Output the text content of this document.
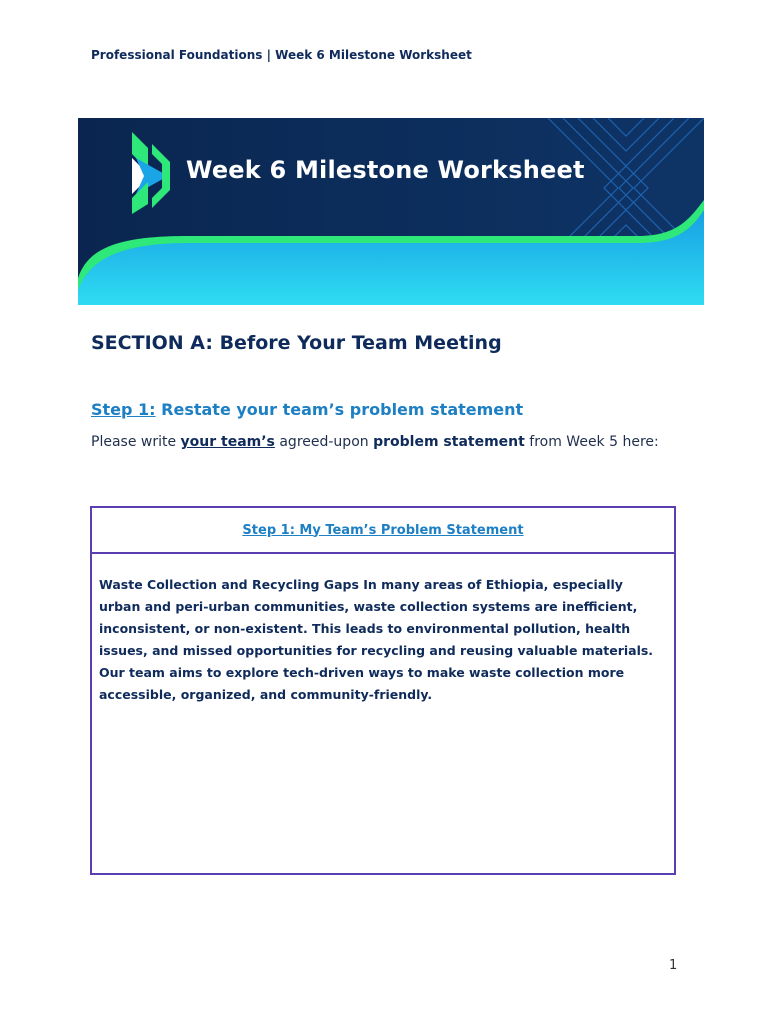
Professional Foundations | Week 6 Milestone Worksheet
Week 6 Milestone Worksheet
SECTION A: Before Your Team Meeting
Step 1: Restate your team’s problem statement
Please write your team’s agreed-upon problem statement from Week 5 here:
Step 1: My Team’s Problem Statement
Waste Collection and Recycling Gaps In many areas of Ethiopia, especially urban and peri-urban communities, waste collection systems are inefficient, inconsistent, or non-existent. This leads to environmental pollution, health issues, and missed opportunities for recycling and reusing valuable materials. Our team aims to explore tech-driven ways to make waste collection more accessible, organized, and community-friendly.
1
